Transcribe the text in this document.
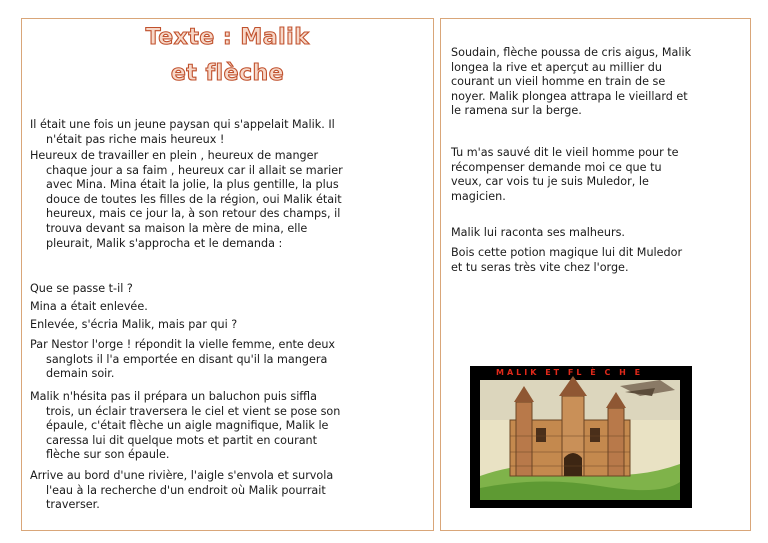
Texte : Malik
et flèche
Il était une fois un jeune paysan qui s'appelait Malik. Il
n'était pas riche mais heureux !
Heureux de travailler en plein , heureux de manger
chaque jour a sa faim , heureux car il allait se marier
avec Mina. Mina était la jolie, la plus gentille, la plus
douce de toutes les filles de la région, oui Malik était
heureux, mais ce jour la, à son retour des champs, il
trouva devant sa maison la mère de mina, elle
pleurait, Malik s'approcha et le demanda :
Que se passe t-il ?
Mina a était enlevée.
Enlevée, s'écria Malik, mais par qui ?
Par Nestor l'orge ! répondit la vielle femme, ente deux
sanglots il l'a emportée en disant qu'il la mangera
demain soir.
Malik n'hésita pas il prépara un baluchon puis siffla
trois, un éclair traversera le ciel et vient se pose son
épaule, c'était flèche un aigle magnifique, Malik le
caressa lui dit quelque mots et partit en courant
flèche sur son épaule.
Arrive au bord d'une rivière, l'aigle s'envola et survola
l'eau à la recherche d'un endroit où Malik pourrait
traverser.
Soudain, flèche poussa de cris aigus, Malik
longea la rive et aperçut au millier du
courant un vieil homme en train de se
noyer. Malik plongea attrapa le vieillard et
le ramena sur la berge.
Tu m'as sauvé dit le vieil homme pour te
récompenser demande moi ce que tu
veux, car vois tu je suis Muledor, le
magicien.
Malik lui raconta ses malheurs.
Bois cette potion magique lui dit Muledor
et tu seras très vite chez l'orge.
MALIK ET FL È C H E
